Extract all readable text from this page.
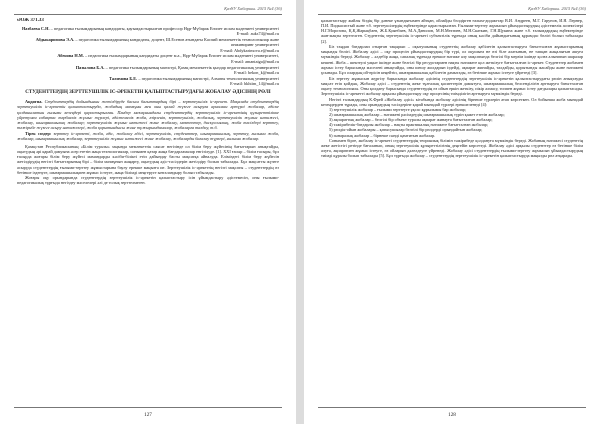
ҚазҰУ Хабаршы. 2015 №4 (36)
ӘОЖ 371.33
Назбаева С.Н. – педагогика ғылымдарының кандидаты, қауымдастырылған профессор Нұр-Мүбарак Египет ислам мәдениеті университеті
E-mail: auks74@mail.ru
Абдыкаримова Э.А. – педагогика ғылымдарының кандидаты, доцент, Ш.Есенов атындағы Каспий мемлекеттік технологиялар және инжиниринг университеті
E-mail: Abdykarimova.e@mail.ru
Абенова Н.М. – педагогика ғылымдарының кандидаты доцент м.а., Нұр-Мүбарак Египет ислам мәдениеті университеті,
E-mail: amantaiga@mail.ru
Пазылова Б.А. – педагогика ғылымдарының магистрі, Қазақ мемлекеттік қыздар педагогикалық университеті
E-mail: bekon_k@mail.ru
Талимова Б.Е. – педагогика ғылымдарының магистрі, Алматы технологиялық университеті
E-mail: bkhtim_14@mail.ru
СТУДЕНТТЕРДІҢ ЗЕРТТЕУШІЛІК ІС-ӘРЕКЕТІН ҚАЛЫПТАСТЫРУДАҒЫ ЖОБАЛАУ ӘДІСІНІҢ РӨЛІ
Аңдатпа. Студенттердің дайындығын жетілдіруде басым бағыттардың бірі – зерттеушілік іс-әрекет. Мақалада студенттердің зерттеушілік іс-әрекетін қалыптастыруда, жобадың мазмұны мен оны қалай жүзеге асыруға арналған әртүрлі жобалар, әдіске қолданылатын ғылыми кезеңдері қарастырылған. Пәндер мазмұнындағы студенттердің зерттеушілік іс-әрекетінің құзыреттілікке үйретумен сабақтас тәрбиелік жұмыс түрлері, әдістемелік жоба, әзірленіп, зерттеушілік, жобалық, зерттеушілік жұмыс нәтижесі, жобалау, шығармашылық жобалар; зерттеушілік жұмыс нәтижесі және жобалау, мектептер, дискуссиялық, жоба тәсілдері зерттеу, тәжірибе жүзеге асыру нәтижелері, жоба қорытындысы және тұжырымдамалар, жобаларға талдау, т.б.
Тірек сөздер: зерттеу іс-әрекеті, жоба, әдіс, жобалау әдісі, зерттеушілік, студенттер, шығармашылық, зерттеу, ғылыми жоба, жобалар, шығармашылық жобалар, зерттеушілік жұмыс нәтижесі және жобалау, жобаларды бағалау түрлері, ғылыми жобалар.

Қазақстан Республикасының «Білім туралы» заңында мемлекеттік саясат негізінде ол білім беру жүйесінің бағыттарын анықтайды, оқытудың әрі қарай дамуына әсер ететін жаңа технологиялар, сонымен қатар жаңа бағдарламалар енгізілуде. [1]. XXI ғасыр – білім ғасыры, бұл ғасырда жоғары білім беру жүйесі мамандарды кәсіби-білікті етіп дайындау басты мақсатқа айналуда. Еліміздегі білім беру жүйесін жетілдірудің негізгі бағыттарының бірі – білім мазмұнын жаңарту, оқытудың әдіс-тәсілдерін жетілдіру болып табылады. Бұл мақсатты жүзеге асыруда студенттердің ғылыми-зерттеу жұмыстарына баулу ерекше маңызға ие. Зерттеушілік іс-әрекеттің негізгі мақсаты – студенттердің өз бетінше ізденуге, шығармашылықпен жұмыс істеуге, жаңа білімді меңгеруге ынталандыру болып табылады.

Жоғары оқу орындарында студенттердің зерттеушілік іс-әрекетін қалыптастыру ісін ұйымдастыру әдістемесін, оны ғылыми-педагогикалық тұрғыда негіздеу мәселелері әлі де толық зерттелмеген.

127
ҚазҰУ Хабаршы. 2015 №4 (36)

қалыптастыру жайлы біздің бір дәнеке ұзындығымен айтқан, ойлайды бөлдірген ғалым-дидакттар В.И. Андреев, М.Г. Гарунов, И.Я. Лернер, П.И. Пидкасистый және т.б. зерттеушілердің еңбектерінде қарастырылған. Ғылыми-зерттеу жұмысын ұйымдастырудың әдістемелік аспектілері Н.Г.Морозова, Қ.Қ.Жарықбаев, Ж.Б.Қоянбаев, М.А.Данилов, М.Н.Мехтиев, М.Н.Скаткин, Г.Н.Щукина және т.б. ғалымдардың еңбектерінде жан-жақты зерттелген. Студенттің зерттеушілік іс-әрекеті субъектілік тұрғыда оның кәсіби дайындығының құрамдас бөлігі болып табылады [2].

Біз таңдап бағдарлап отырған тақырып – оқытушының студенттің жобалау қабілетін қалыптастыруға бағытталған жұмыстарының маңызды бөлігі. Жобалау әдісі – оқу процесін ұйымдастырудың бір түрі, ол оқушыға не өзі біле алатынын, не тапқан жаңалығын ашуға мүмкіндік береді. Жобалау – әлдебір жаңа, сапалық тұрғыда ерекше нәтиже алу мақсатында белгілі бір мерзім ішінде қолға алынатын шаралар кешені. Жоба – шектеулі уақыт ішінде және белгілі бір ресурстармен нақты нәтижеге қол жеткізуге бағытталған іс-әрекет. Студенттер жобамен жұмыс істеу барысында мәселені анықтайды, оны шешу жолдарын іздейді, ақпарат жинайды, талдайды, қорытынды жасайды және нәтижені ұсынады. Бұл олардың ой-өрісін кеңейтіп, шығармашылық қабілетін дамытады, өз бетінше жұмыс істеуге үйретеді [3].

Біз зерттеу жұмысын жүргізу барысында жобалау әдісінің студенттердің зерттеушілік іс-әрекетін қалыптастырудағы рөлін анықтауды мақсат етіп қойдық. Жобалау әдісі – студенттің жеке тұлғалық қасиеттерін дамытуға, шығармашылық белсенділігін арттыруға бағытталған оқыту технологиясы. Оны қолдану барысында студенттердің өз ойын еркін жеткізу, пікір алмасу, топпен жұмыс істеу дағдылары қалыптасады. Зерттеушілік іс-әрекетті жобалау арқылы ұйымдастыру оқу процесінің тиімділігін арттыруға мүмкіндік береді.

Негізгі ғалымдардың К.Фрей «Жобалау әдісі» кітабында жобалау әдісінің бірнеше түрлерін атап көрсеткен. Ол бойынша жоба мынадай кезеңдерден тұрады, оны орындаудың тәсілдеріне қарай мынадай түрлері ерекшеленеді [4]:

1) зерттеушілік жобалар – ғылыми зерттеуге ұқсас құрылымы бар жобалар;
2) шығармашылық жобалар – нәтижені рәсімдеудің шығармашылық түрін қажет ететін жобалар;
3) ақпараттық жобалар – белгілі бір объект туралы ақпарат жинауға бағытталған жобалар;
4) тәжірибелік-бағдарлы жобалар – нақты практикалық нәтижеге бағытталған жобалар;
5) рөлдік-ойын жобалары – қатысушылар белгілі бір рөлдерді орындайтын жобалар;
6) пәнаралық жобалар – бірнеше пәнді қамтитын жобалар.

Сонымен бірге, жобалау іс-әрекеті студенттердің теориялық білімін тәжірибеде қолдануға мүмкіндік береді. Жобаның нәтижесі студенттің жеке жетістігі ретінде бағаланып, оның зерттеушілік құзыреттілігінің деңгейін көрсетеді. Жобалау әдісі арқылы студенттер өз бетінше білім алуға, ақпаратпен жұмыс істеуге, өз ойларын дәлелдеуге үйренеді. Жобалау әдісі студенттердің ғылыми-зерттеу жұмысын ұйымдастырудың тиімді құралы болып табылады [5]. Бұл тұрғыда жобалау – студенттердің зерттеушілік іс-әрекетін қалыптастыруда маңызды рөл атқарады.

128
